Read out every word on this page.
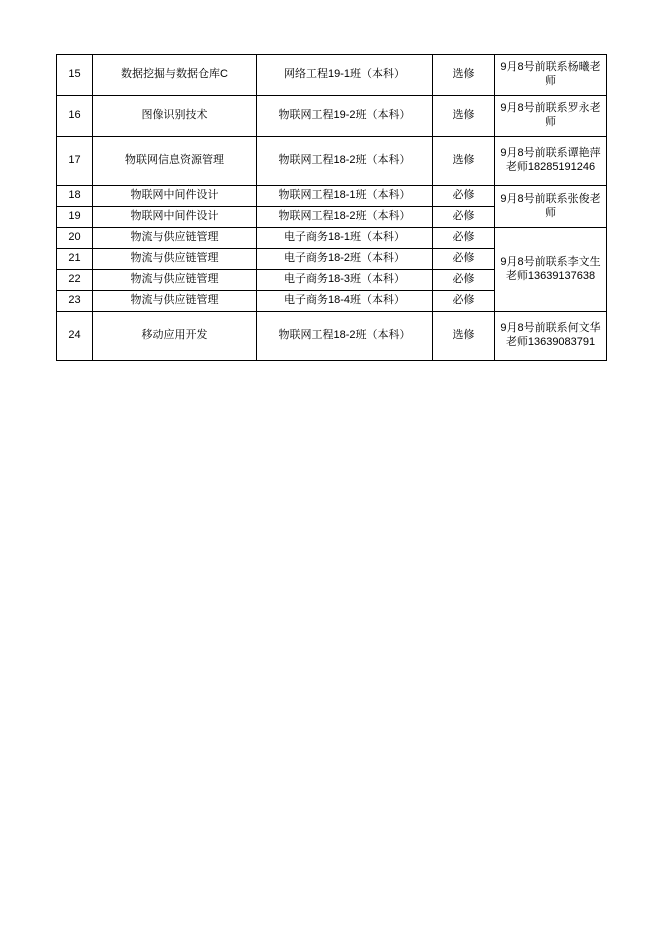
15	数据挖掘与数据仓库C	网络工程19-1班（本科）	选修	9月8号前联系杨曦老师
16	图像识别技术	物联网工程19-2班（本科）	选修	9月8号前联系罗永老师
17	物联网信息资源管理	物联网工程18-2班（本科）	选修	9月8号前联系谭艳萍老师18285191246
18	物联网中间件设计	物联网工程18-1班（本科）	必修	9月8号前联系张俊老师
19	物联网中间件设计	物联网工程18-2班（本科）	必修	
20	物流与供应链管理	电子商务18-1班（本科）	必修	9月8号前联系李文生老师13639137638
21	物流与供应链管理	电子商务18-2班（本科）	必修	
22	物流与供应链管理	电子商务18-3班（本科）	必修	
23	物流与供应链管理	电子商务18-4班（本科）	必修	
24	移动应用开发	物联网工程18-2班（本科）	选修	9月8号前联系何文华老师13639083791
